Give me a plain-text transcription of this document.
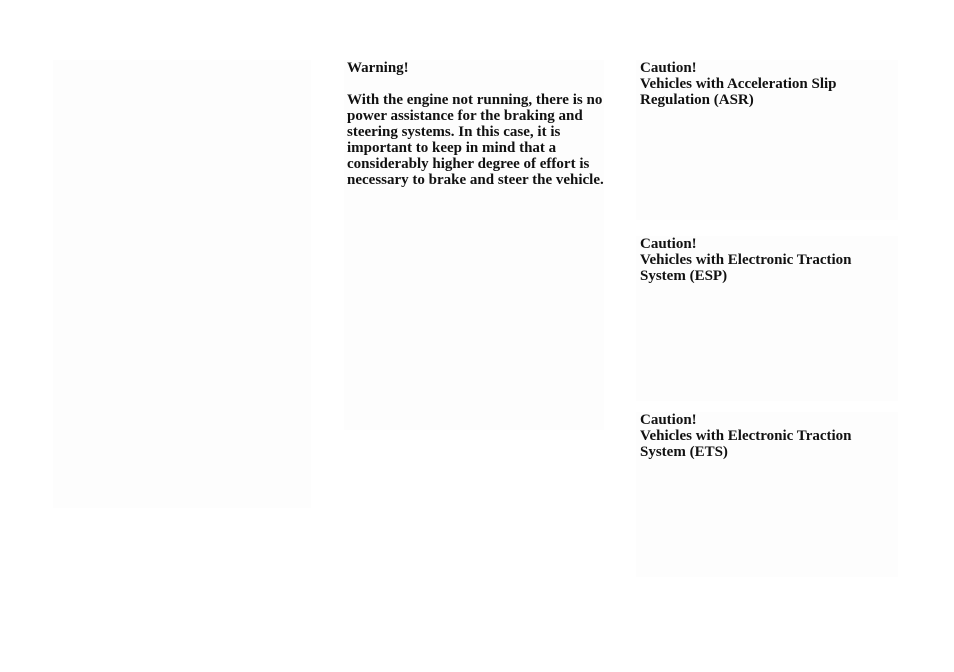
Warning!

With the engine not running, there is no power assistance for the braking and steering systems. In this case, it is important to keep in mind that a considerably higher degree of effort is necessary to brake and steer the vehicle.

Caution!

Vehicles with Acceleration Slip Regulation (ASR)

Caution!

Vehicles with Electronic Traction System (ESP)

Caution!

Vehicles with Electronic Traction System (ETS)
